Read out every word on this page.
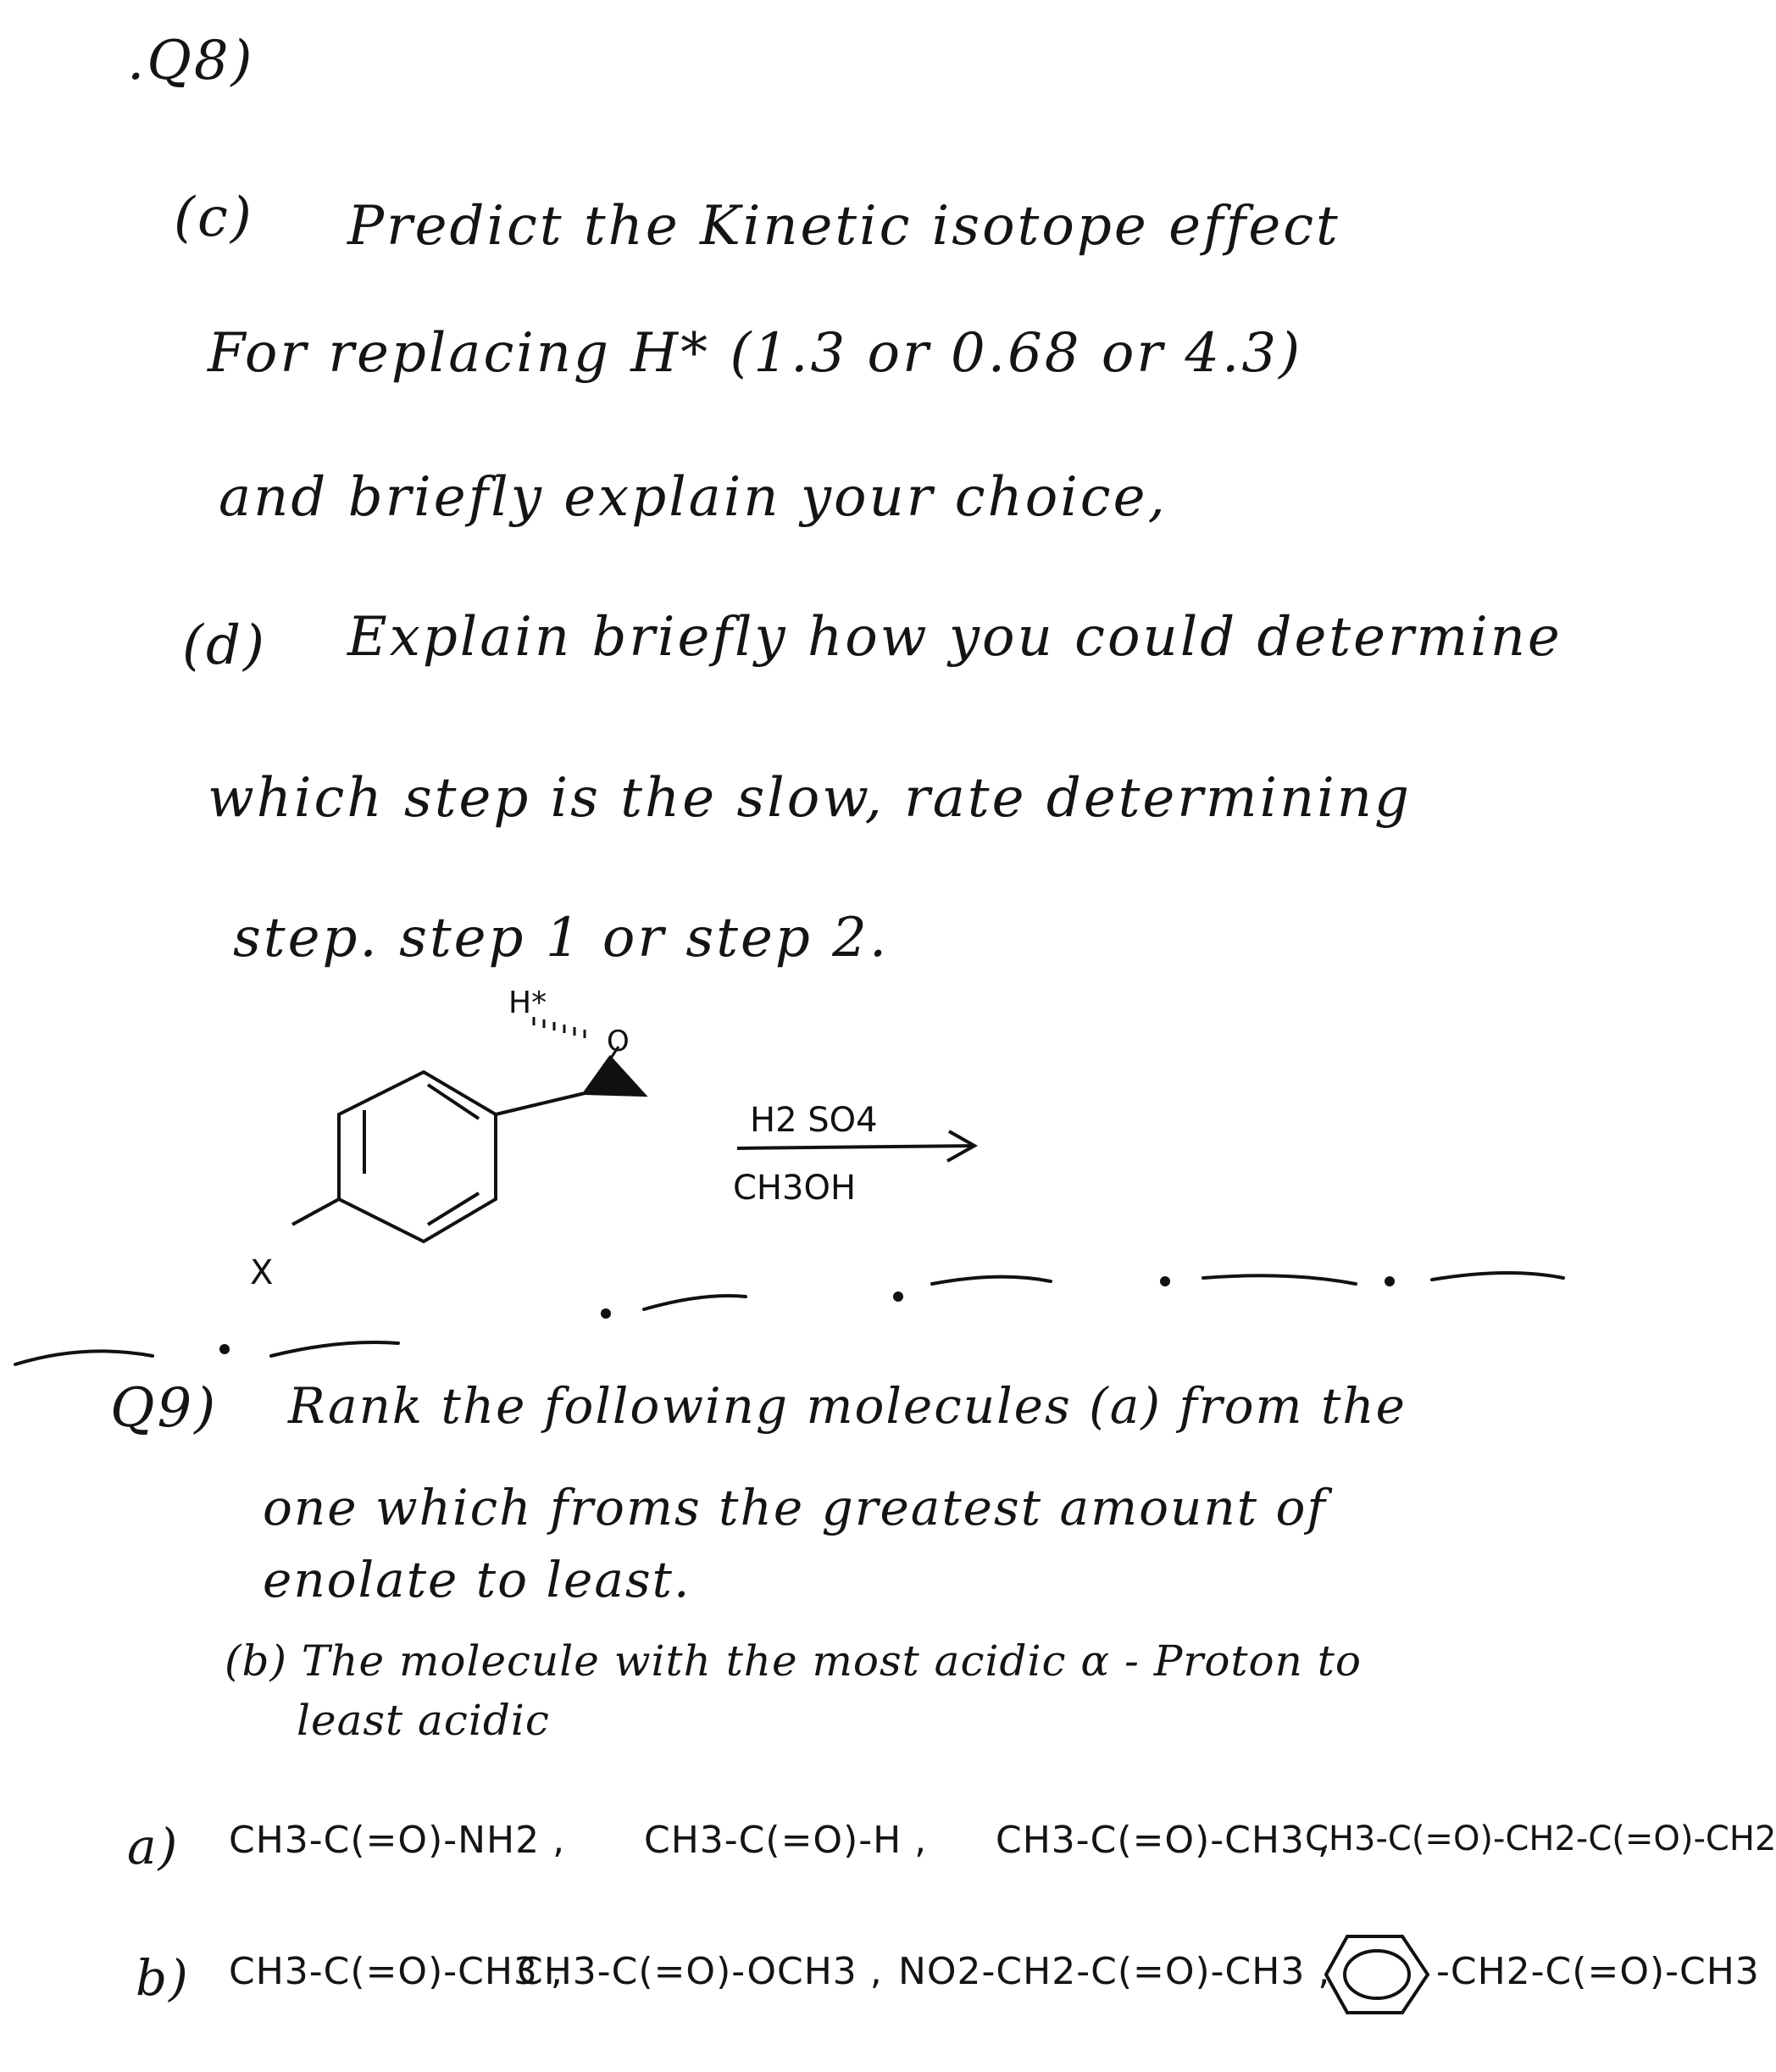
.Q8)
(c) Predict the Kinetic isotope effect
For replacing H* (1.3 or 0.68 or 4.3)
and briefly explain your choice,
(d) Explain briefly how you could determine
which step is the slow, rate determining
step. step 1 or step 2.
O
H*
X
H2 SO4
CH3OH
Q9) Rank the following molecules (a) from the
one which froms the greatest amount of
enolate to least.
(b) The molecule with the most acidic α - Proton to
least acidic
a) CH3-C(=O)-NH2 , CH3-C(=O)-H , CH3-C(=O)-CH3 ,
CH3-C(=O)-CH2-C(=O)-CH2
b) CH3-C(=O)-CH3 ,
CH3-C(=O)-OCH3 , NO2-CH2-C(=O)-CH3 ,	-CH2-C(=O)-CH3
